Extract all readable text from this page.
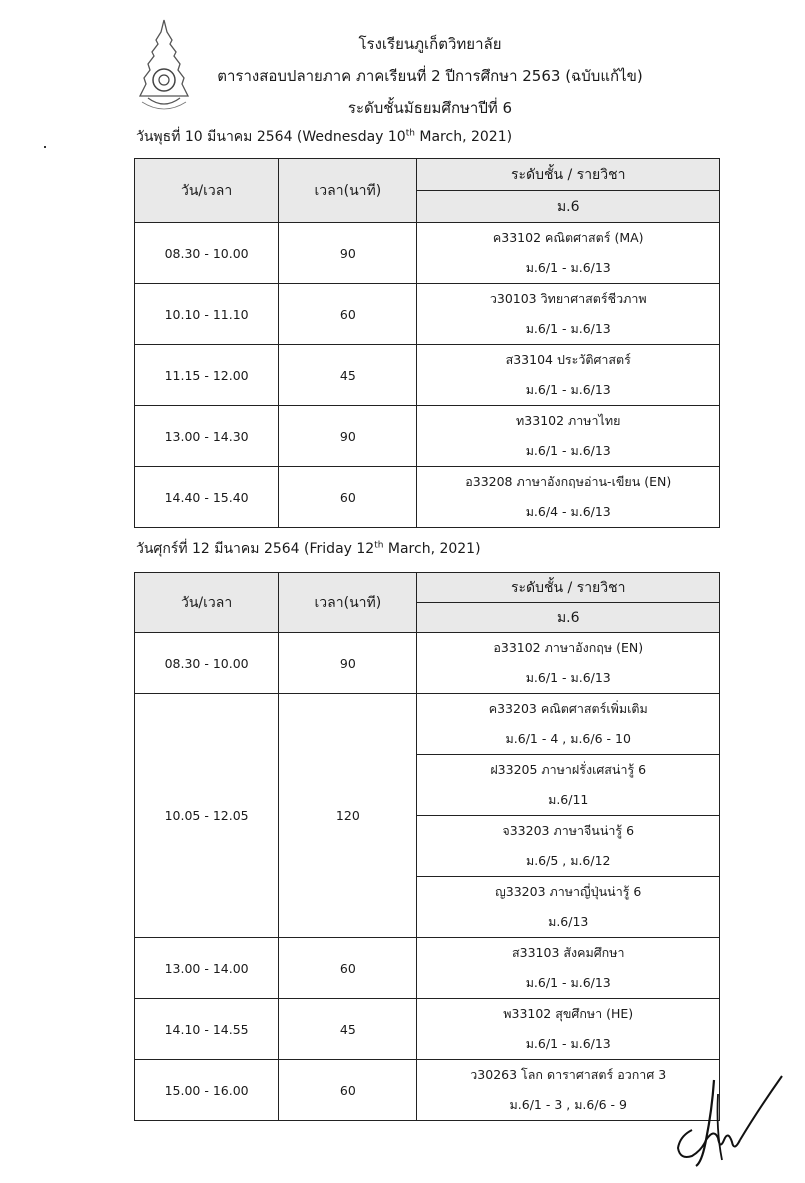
โรงเรียนภูเก็ตวิทยาลัย
ตารางสอบปลายภาค ภาคเรียนที่ 2 ปีการศึกษา 2563 (ฉบับแก้ไข)
ระดับชั้นมัธยมศึกษาปีที่ 6
วันพุธที่ 10 มีนาคม 2564 (Wednesday 10th March, 2021)
วัน/เวลา	เวลา(นาที)	ระดับชั้น / รายวิชา
		ม.6
08.30 - 10.00	90	ค33102 คณิตศาสตร์ (MA)
ม.6/1 - ม.6/13

10.10 - 11.10	60	ว30103 วิทยาศาสตร์ชีวภาพ
ม.6/1 - ม.6/13

11.15 - 12.00	45	ส33104 ประวัติศาสตร์
ม.6/1 - ม.6/13

13.00 - 14.30	90	ท33102 ภาษาไทย
ม.6/1 - ม.6/13

14.40 - 15.40	60	อ33208 ภาษาอังกฤษอ่าน-เขียน (EN)
ม.6/4 - ม.6/13
วันศุกร์ที่ 12 มีนาคม 2564 (Friday 12th March, 2021)
วัน/เวลา	เวลา(นาที)	ระดับชั้น / รายวิชา
		ม.6
08.30 - 10.00	90	อ33102 ภาษาอังกฤษ (EN)
ม.6/1 - ม.6/13

10.05 - 12.05	120	ค33203 คณิตศาสตร์เพิ่มเติม
ม.6/1 - 4 , ม.6/6 - 10

		ฝ33205 ภาษาฝรั่งเศสน่ารู้ 6
ม.6/11

		จ33203 ภาษาจีนน่ารู้ 6
ม.6/5 , ม.6/12

		ญ33203 ภาษาญี่ปุ่นน่ารู้ 6
ม.6/13

13.00 - 14.00	60	ส33103 สังคมศึกษา
ม.6/1 - ม.6/13

14.10 - 14.55	45	พ33102 สุขศึกษา (HE)
ม.6/1 - ม.6/13

15.00 - 16.00	60	ว30263 โลก ดาราศาสตร์ อวกาศ 3
ม.6/1 - 3 , ม.6/6 - 9
